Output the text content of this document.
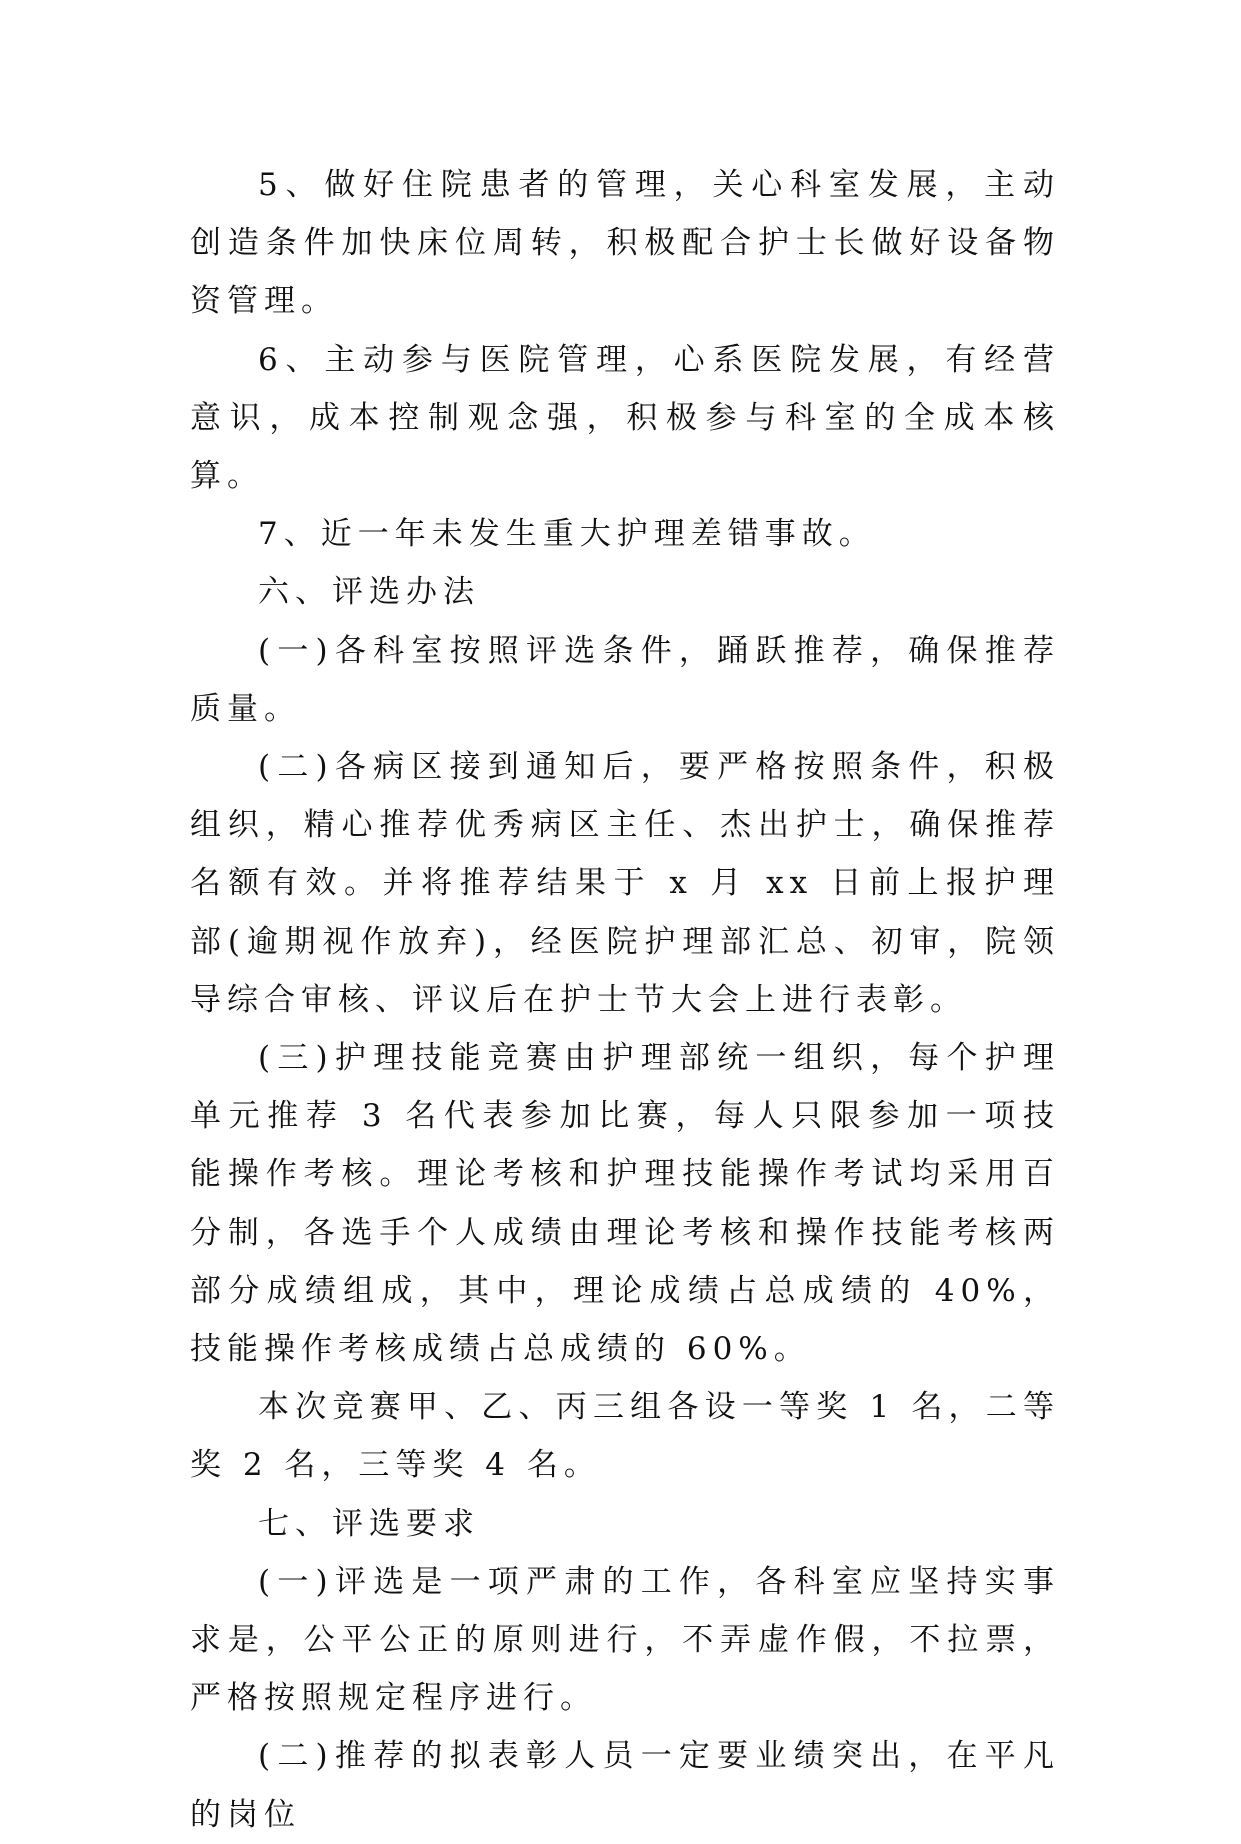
5、做好住院患者的管理，关心科室发展，主动创造条件加快床位周转，积极配合护士长做好设备物资管理。

6、主动参与医院管理，心系医院发展，有经营意识，成本控制观念强，积极参与科室的全成本核算。

7、近一年未发生重大护理差错事故。

六、评选办法

(一)各科室按照评选条件，踊跃推荐，确保推荐质量。

(二)各病区接到通知后，要严格按照条件，积极组织，精心推荐优秀病区主任、杰出护士，确保推荐名额有效。并将推荐结果于 x 月 xx 日前上报护理部(逾期视作放弃)，经医院护理部汇总、初审，院领导综合审核、评议后在护士节大会上进行表彰。

(三)护理技能竞赛由护理部统一组织，每个护理单元推荐 3 名代表参加比赛，每人只限参加一项技能操作考核。理论考核和护理技能操作考试均采用百分制，各选手个人成绩由理论考核和操作技能考核两部分成绩组成，其中，理论成绩占总成绩的 40%，技能操作考核成绩占总成绩的 60%。

本次竞赛甲、乙、丙三组各设一等奖 1 名，二等奖 2 名，三等奖 4 名。

七、评选要求

(一)评选是一项严肃的工作，各科室应坚持实事求是，公平公正的原则进行，不弄虚作假，不拉票，严格按照规定程序进行。

(二)推荐的拟表彰人员一定要业绩突出，在平凡的岗位
